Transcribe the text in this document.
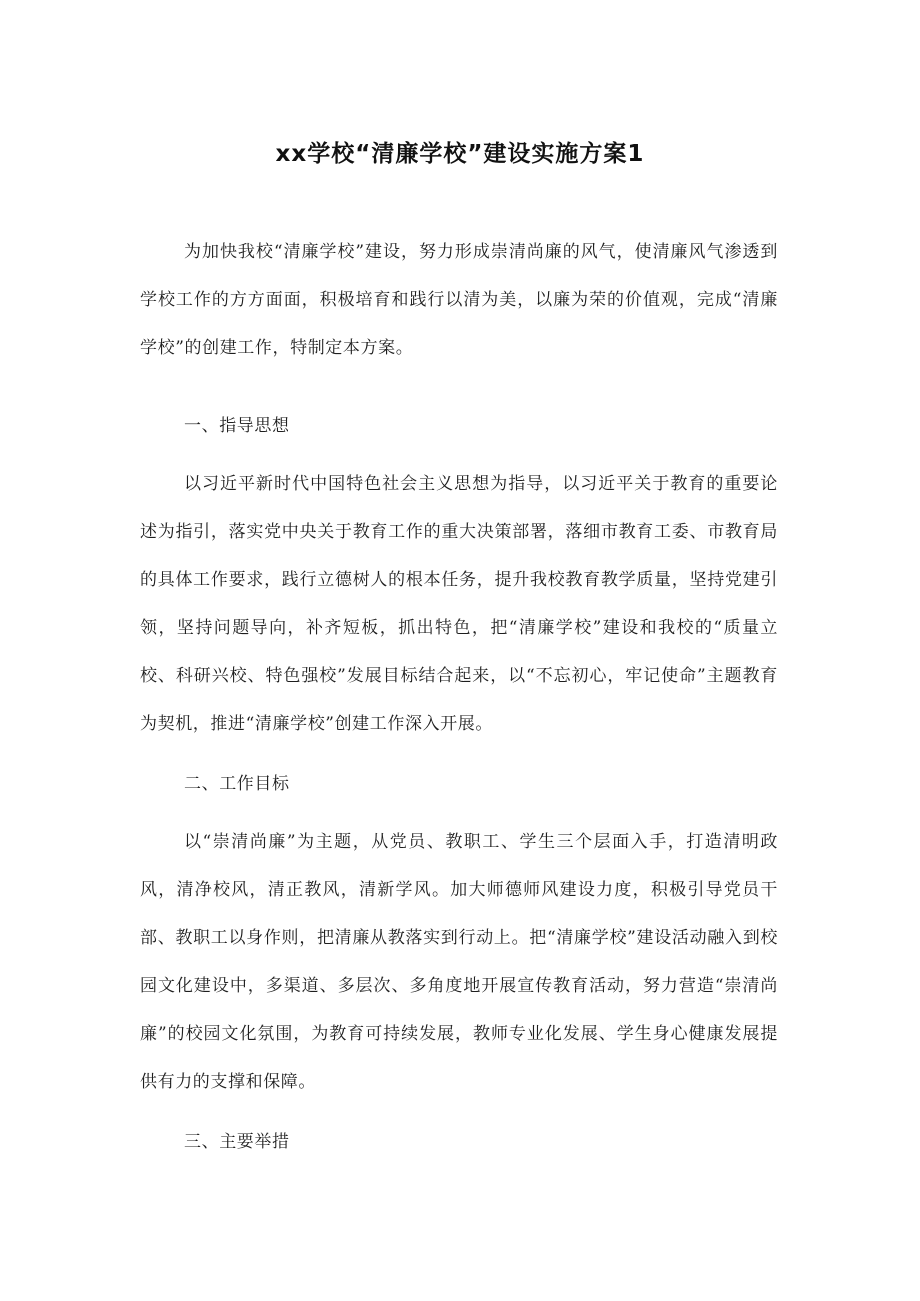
xx学校“清廉学校”建设实施方案1

为加快我校“清廉学校”建设，努力形成崇清尚廉的风气，使清廉风气渗透到学校工作的方方面面，积极培育和践行以清为美，以廉为荣的价值观，完成“清廉学校”的创建工作，特制定本方案。

一、指导思想

以习近平新时代中国特色社会主义思想为指导，以习近平关于教育的重要论述为指引，落实党中央关于教育工作的重大决策部署，落细市教育工委、市教育局的具体工作要求，践行立德树人的根本任务，提升我校教育教学质量，坚持党建引领，坚持问题导向，补齐短板，抓出特色，把“清廉学校”建设和我校的“质量立校、科研兴校、特色强校”发展目标结合起来，以“不忘初心，牢记使命”主题教育为契机，推进“清廉学校”创建工作深入开展。

二、工作目标

以“崇清尚廉”为主题，从党员、教职工、学生三个层面入手，打造清明政风，清净校风，清正教风，清新学风。加大师德师风建设力度，积极引导党员干部、教职工以身作则，把清廉从教落实到行动上。把“清廉学校”建设活动融入到校园文化建设中，多渠道、多层次、多角度地开展宣传教育活动，努力营造“崇清尚廉”的校园文化氛围，为教育可持续发展，教师专业化发展、学生身心健康发展提供有力的支撑和保障。

三、主要举措
